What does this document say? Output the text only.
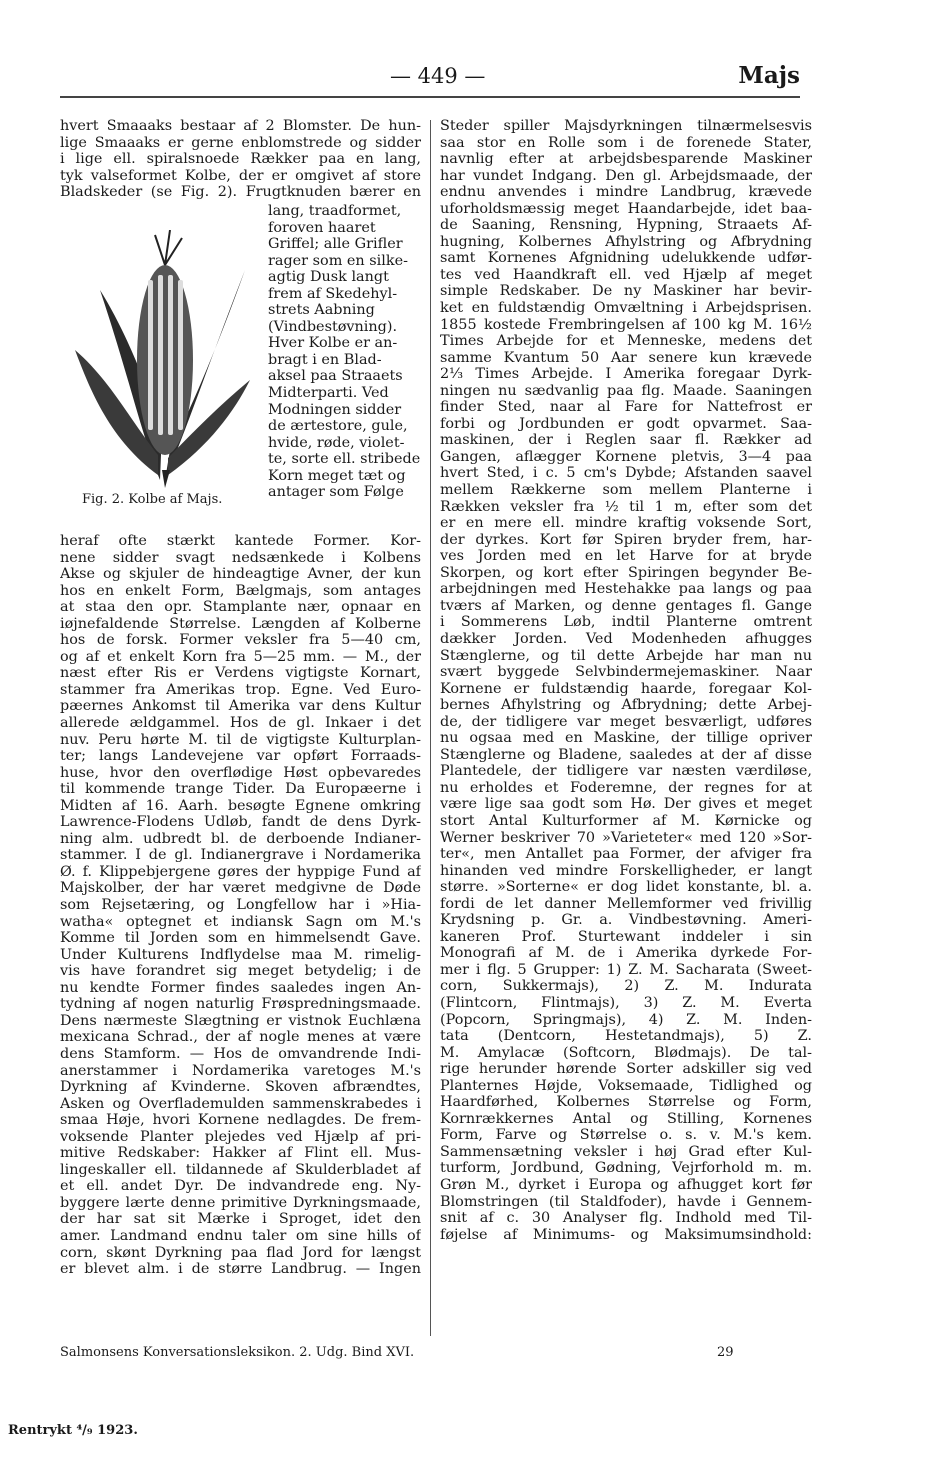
— 449 —	Majs
hvert Smaaaks bestaar af 2 Blomster. De hun-
lige Smaaaks er gerne enblomstrede og sidder
i lige ell. spiralsnoede Rækker paa en lang,
tyk valseformet Kolbe, der er omgivet af store
Bladskeder (se Fig. 2). Frugtknuden bærer en
Fig. 2. Kolbe af Majs.
lang, traadformet,
foroven haaret
Griffel; alle Grifler
rager som en silke-
agtig Dusk langt
frem af Skedehyl-
strets Aabning
(Vindbestøvning).
Hver Kolbe er an-
bragt i en Blad-
aksel paa Straaets
Midterparti. Ved
Modningen sidder
de ærtestore, gule,
hvide, røde, violet-
te, sorte ell. stribede
Korn meget tæt og
antager som Følge
heraf ofte stærkt kantede Former. Kor-
nene sidder svagt nedsænkede i Kolbens
Akse og skjuler de hindeagtige Avner, der kun
hos en enkelt Form, Bælgmajs, som antages
at staa den opr. Stamplante nær, opnaar en
iøjnefaldende Størrelse. Længden af Kolberne
hos de forsk. Former veksler fra 5—40 cm,
og af et enkelt Korn fra 5—25 mm. — M., der
næst efter Ris er Verdens vigtigste Kornart,
stammer fra Amerikas trop. Egne. Ved Euro-
pæernes Ankomst til Amerika var dens Kultur
allerede ældgammel. Hos de gl. Inkaer i det
nuv. Peru hørte M. til de vigtigste Kulturplan-
ter; langs Landevejene var opført Forraads-
huse, hvor den overflødige Høst opbevaredes
til kommende trange Tider. Da Europæerne i
Midten af 16. Aarh. besøgte Egnene omkring
Lawrence-Flodens Udløb, fandt de dens Dyrk-
ning alm. udbredt bl. de derboende Indianer-
stammer. I de gl. Indianergrave i Nordamerika
Ø. f. Klippebjergene gøres der hyppige Fund af
Majskolber, der har været medgivne de Døde
som Rejsetæring, og Longfellow har i »Hia-
watha« optegnet et indiansk Sagn om M.'s
Komme til Jorden som en himmelsendt Gave.
Under Kulturens Indflydelse maa M. rimelig-
vis have forandret sig meget betydelig; i de
nu kendte Former findes saaledes ingen An-
tydning af nogen naturlig Frøspredningsmaade.
Dens nærmeste Slægtning er vistnok Euchlæna
mexicana Schrad., der af nogle menes at være
dens Stamform. — Hos de omvandrende Indi-
anerstammer i Nordamerika varetoges M.'s
Dyrkning af Kvinderne. Skoven afbrændtes,
Asken og Overflademulden sammenskrabedes i
smaa Høje, hvori Kornene nedlagdes. De frem-
voksende Planter plejedes ved Hjælp af pri-
mitive Redskaber: Hakker af Flint ell. Mus-
lingeskaller ell. tildannede af Skulderbladet af
et ell. andet Dyr. De indvandrede eng. Ny-
byggere lærte denne primitive Dyrkningsmaade,
der har sat sit Mærke i Sproget, idet den
amer. Landmand endnu taler om sine hills of
corn, skønt Dyrkning paa flad Jord for længst
er blevet alm. i de større Landbrug. — Ingen
Steder spiller Majsdyrkningen tilnærmelsesvis
saa stor en Rolle som i de forenede Stater,
navnlig efter at arbejdsbesparende Maskiner
har vundet Indgang. Den gl. Arbejdsmaade, der
endnu anvendes i mindre Landbrug, krævede
uforholdsmæssig meget Haandarbejde, idet baa-
de Saaning, Rensning, Hypning, Straaets Af-
hugning, Kolbernes Afhylstring og Afbrydning
samt Kornenes Afgnidning udelukkende udfør-
tes ved Haandkraft ell. ved Hjælp af meget
simple Redskaber. De ny Maskiner har bevir-
ket en fuldstændig Omvæltning i Arbejdsprisen.
1855 kostede Frembringelsen af 100 kg M. 16½
Times Arbejde for et Menneske, medens det
samme Kvantum 50 Aar senere kun krævede
2⅓ Times Arbejde. I Amerika foregaar Dyrk-
ningen nu sædvanlig paa flg. Maade. Saaningen
finder Sted, naar al Fare for Nattefrost er
forbi og Jordbunden er godt opvarmet. Saa-
maskinen, der i Reglen saar fl. Rækker ad
Gangen, aflægger Kornene pletvis, 3—4 paa
hvert Sted, i c. 5 cm's Dybde; Afstanden saavel
mellem Rækkerne som mellem Planterne i
Rækken veksler fra ½ til 1 m, efter som det
er en mere ell. mindre kraftig voksende Sort,
der dyrkes. Kort før Spiren bryder frem, har-
ves Jorden med en let Harve for at bryde
Skorpen, og kort efter Spiringen begynder Be-
arbejdningen med Hestehakke paa langs og paa
tværs af Marken, og denne gentages fl. Gange
i Sommerens Løb, indtil Planterne omtrent
dækker Jorden. Ved Modenheden afhugges
Stænglerne, og til dette Arbejde har man nu
svært byggede Selvbindermejemaskiner. Naar
Kornene er fuldstændig haarde, foregaar Kol-
bernes Afhylstring og Afbrydning; dette Arbej-
de, der tidligere var meget besværligt, udføres
nu ogsaa med en Maskine, der tillige opriver
Stænglerne og Bladene, saaledes at der af disse
Plantedele, der tidligere var næsten værdiløse,
nu erholdes et Foderemne, der regnes for at
være lige saa godt som Hø. Der gives et meget
stort Antal Kulturformer af M. Kørnicke og
Werner beskriver 70 »Varieteter« med 120 »Sor-
ter«, men Antallet paa Former, der afviger fra
hinanden ved mindre Forskelligheder, er langt
større. »Sorterne« er dog lidet konstante, bl. a.
fordi de let danner Mellemformer ved frivillig
Krydsning p. Gr. a. Vindbestøvning. Ameri-
kaneren Prof. Sturtewant inddeler i sin
Monografi af M. de i Amerika dyrkede For-
mer i flg. 5 Grupper: 1) Z. M. Sacharata (Sweet-
corn, Sukkermajs), 2) Z. M. Indurata
(Flintcorn, Flintmajs), 3) Z. M. Everta
(Popcorn, Springmajs), 4) Z. M. Inden-
tata (Dentcorn, Hestetandmajs), 5) Z.
M. Amylacæ (Softcorn, Blødmajs). De tal-
rige herunder hørende Sorter adskiller sig ved
Planternes Højde, Voksemaade, Tidlighed og
Haardførhed, Kolbernes Størrelse og Form,
Kornrækkernes Antal og Stilling, Kornenes
Form, Farve og Størrelse o. s. v. M.'s kem.
Sammensætning veksler i høj Grad efter Kul-
turform, Jordbund, Gødning, Vejrforhold m. m.
Grøn M., dyrket i Europa og afhugget kort før
Blomstringen (til Staldfoder), havde i Gennem-
snit af c. 30 Analyser flg. Indhold med Til-
føjelse af Minimums- og Maksimumsindhold:
Salmonsens Konversationsleksikon. 2. Udg. Bind XVI.	29
Rentrykt ⁴/₉ 1923.
